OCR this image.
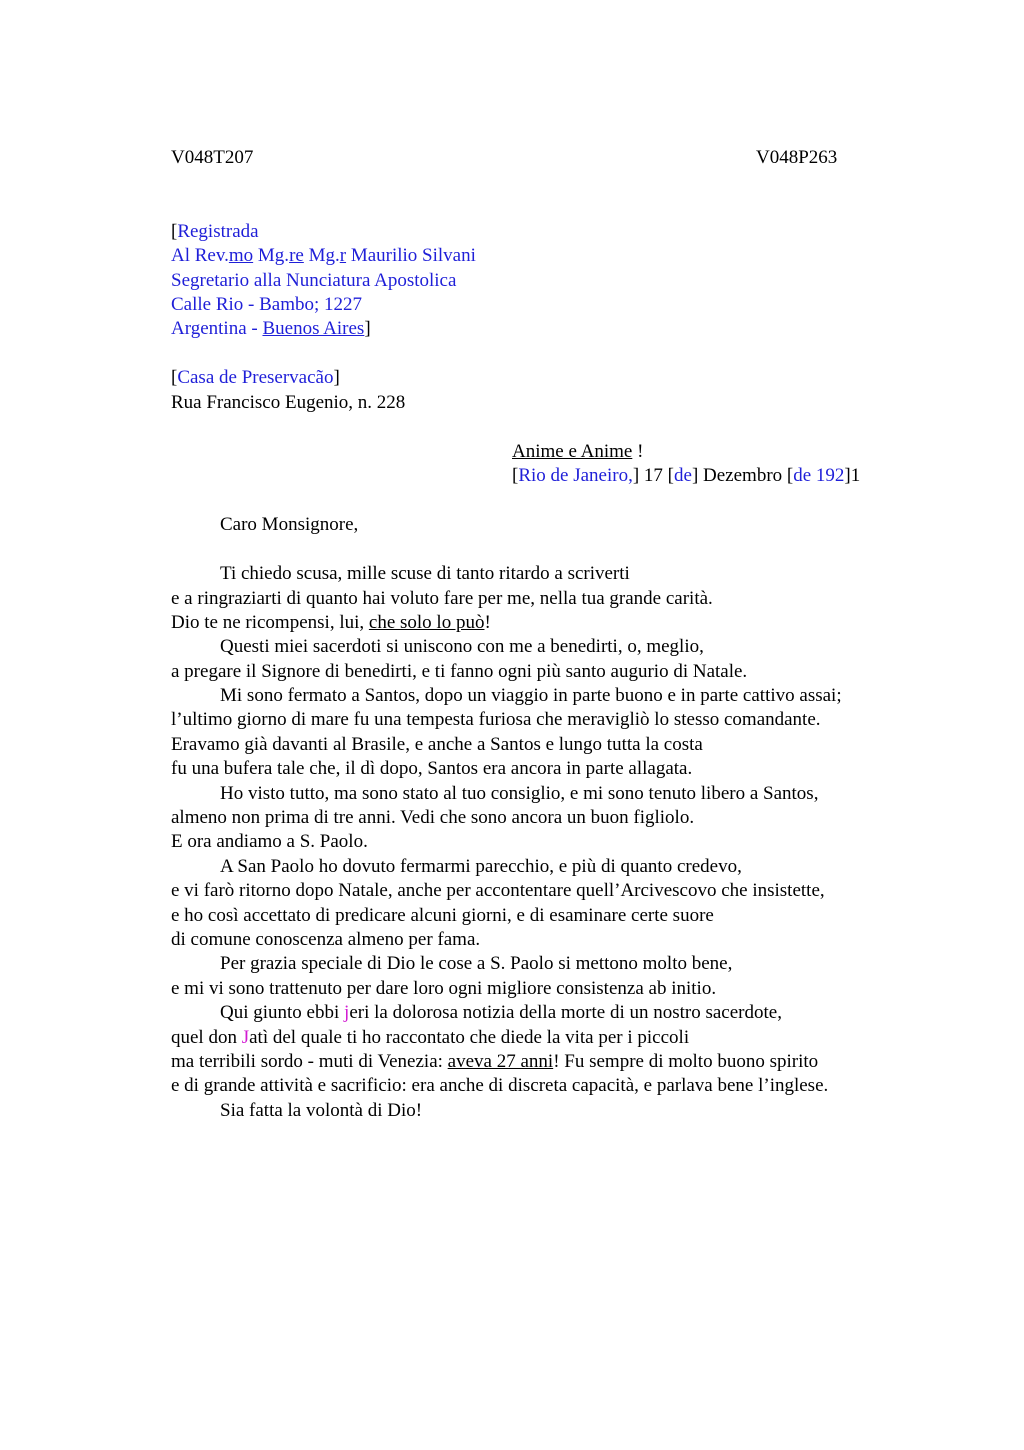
V048T207	V048P263
[Registrada
Al Rev.mo Mg.re Mg.r Maurilio Silvani
Segretario alla Nunciatura Apostolica
Calle Rio - Bambo; 1227
Argentina - Buenos Aires]
[Casa de Preservacão]
Rua Francisco Eugenio, n. 228
Anime e Anime !
[Rio de Janeiro,] 17 [de] Dezembro [de 192]1
Caro Monsignore,
Ti chiedo scusa, mille scuse di tanto ritardo a scriverti
e a ringraziarti di quanto hai voluto fare per me, nella tua grande carità.
Dio te ne ricompensi, lui, che solo lo può!
Questi miei sacerdoti si uniscono con me a benedirti, o, meglio,
a pregare il Signore di benedirti, e ti fanno ogni più santo augurio di Natale.
Mi sono fermato a Santos, dopo un viaggio in parte buono e in parte cattivo assai;
l’ultimo giorno di mare fu una tempesta furiosa che meravigliò lo stesso comandante.
Eravamo già davanti al Brasile, e anche a Santos e lungo tutta la costa
fu una bufera tale che, il dì dopo, Santos era ancora in parte allagata.
Ho visto tutto, ma sono stato al tuo consiglio, e mi sono tenuto libero a Santos,
almeno non prima di tre anni. Vedi che sono ancora un buon figliolo.
E ora andiamo a S. Paolo.
A San Paolo ho dovuto fermarmi parecchio, e più di quanto credevo,
e vi farò ritorno dopo Natale, anche per accontentare quell’Arcivescovo che insistette,
e ho così accettato di predicare alcuni giorni, e di esaminare certe suore
di comune conoscenza almeno per fama.
Per grazia speciale di Dio le cose a S. Paolo si mettono molto bene,
e mi vi sono trattenuto per dare loro ogni migliore consistenza ab initio.
Qui giunto ebbi jeri la dolorosa notizia della morte di un nostro sacerdote,
quel don Jatì del quale ti ho raccontato che diede la vita per i piccoli
ma terribili sordo - muti di Venezia: aveva 27 anni! Fu sempre di molto buono spirito
e di grande attività e sacrificio: era anche di discreta capacità, e parlava bene l’inglese.
Sia fatta la volontà di Dio!
